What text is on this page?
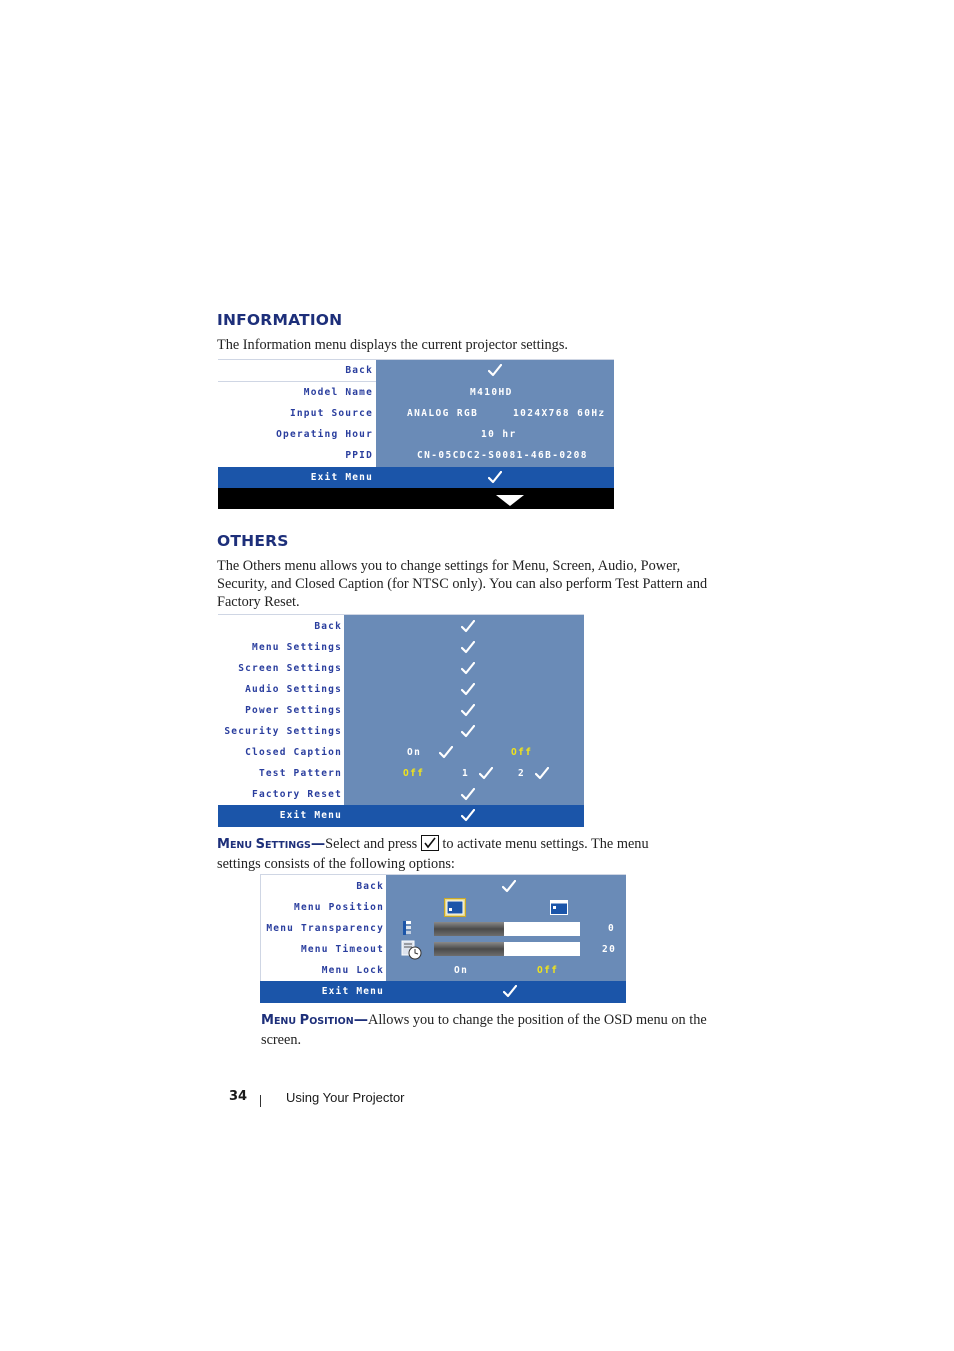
INFORMATION

The Information menu displays the current projector settings.

Back
Model Name	M410HD
Input Source	ANALOG RGB	1024X768 60Hz
Operating Hour	10 hr
PPID	CN-05CDC2-S0081-46B-0208
Exit Menu
OTHERS

The Others menu allows you to change settings for Menu, Screen, Audio, Power, Security, and Closed Caption (for NTSC only). You can also perform Test Pattern and Factory Reset.

Back
Menu Settings
Screen Settings
Audio Settings
Power Settings
Security Settings
Closed Caption	On	Off
Test Pattern	Off	1	2
Factory Reset
Exit Menu

MENU SETTINGS—Select and press to activate menu settings. The menu settings consists of the following options:

Back
Menu Position
Menu Transparency	0
Menu Timeout	20
Menu Lock	On	Off
Exit Menu

MENU POSITION—Allows you to change the position of the OSD menu on the screen.

34	Using Your Projector
